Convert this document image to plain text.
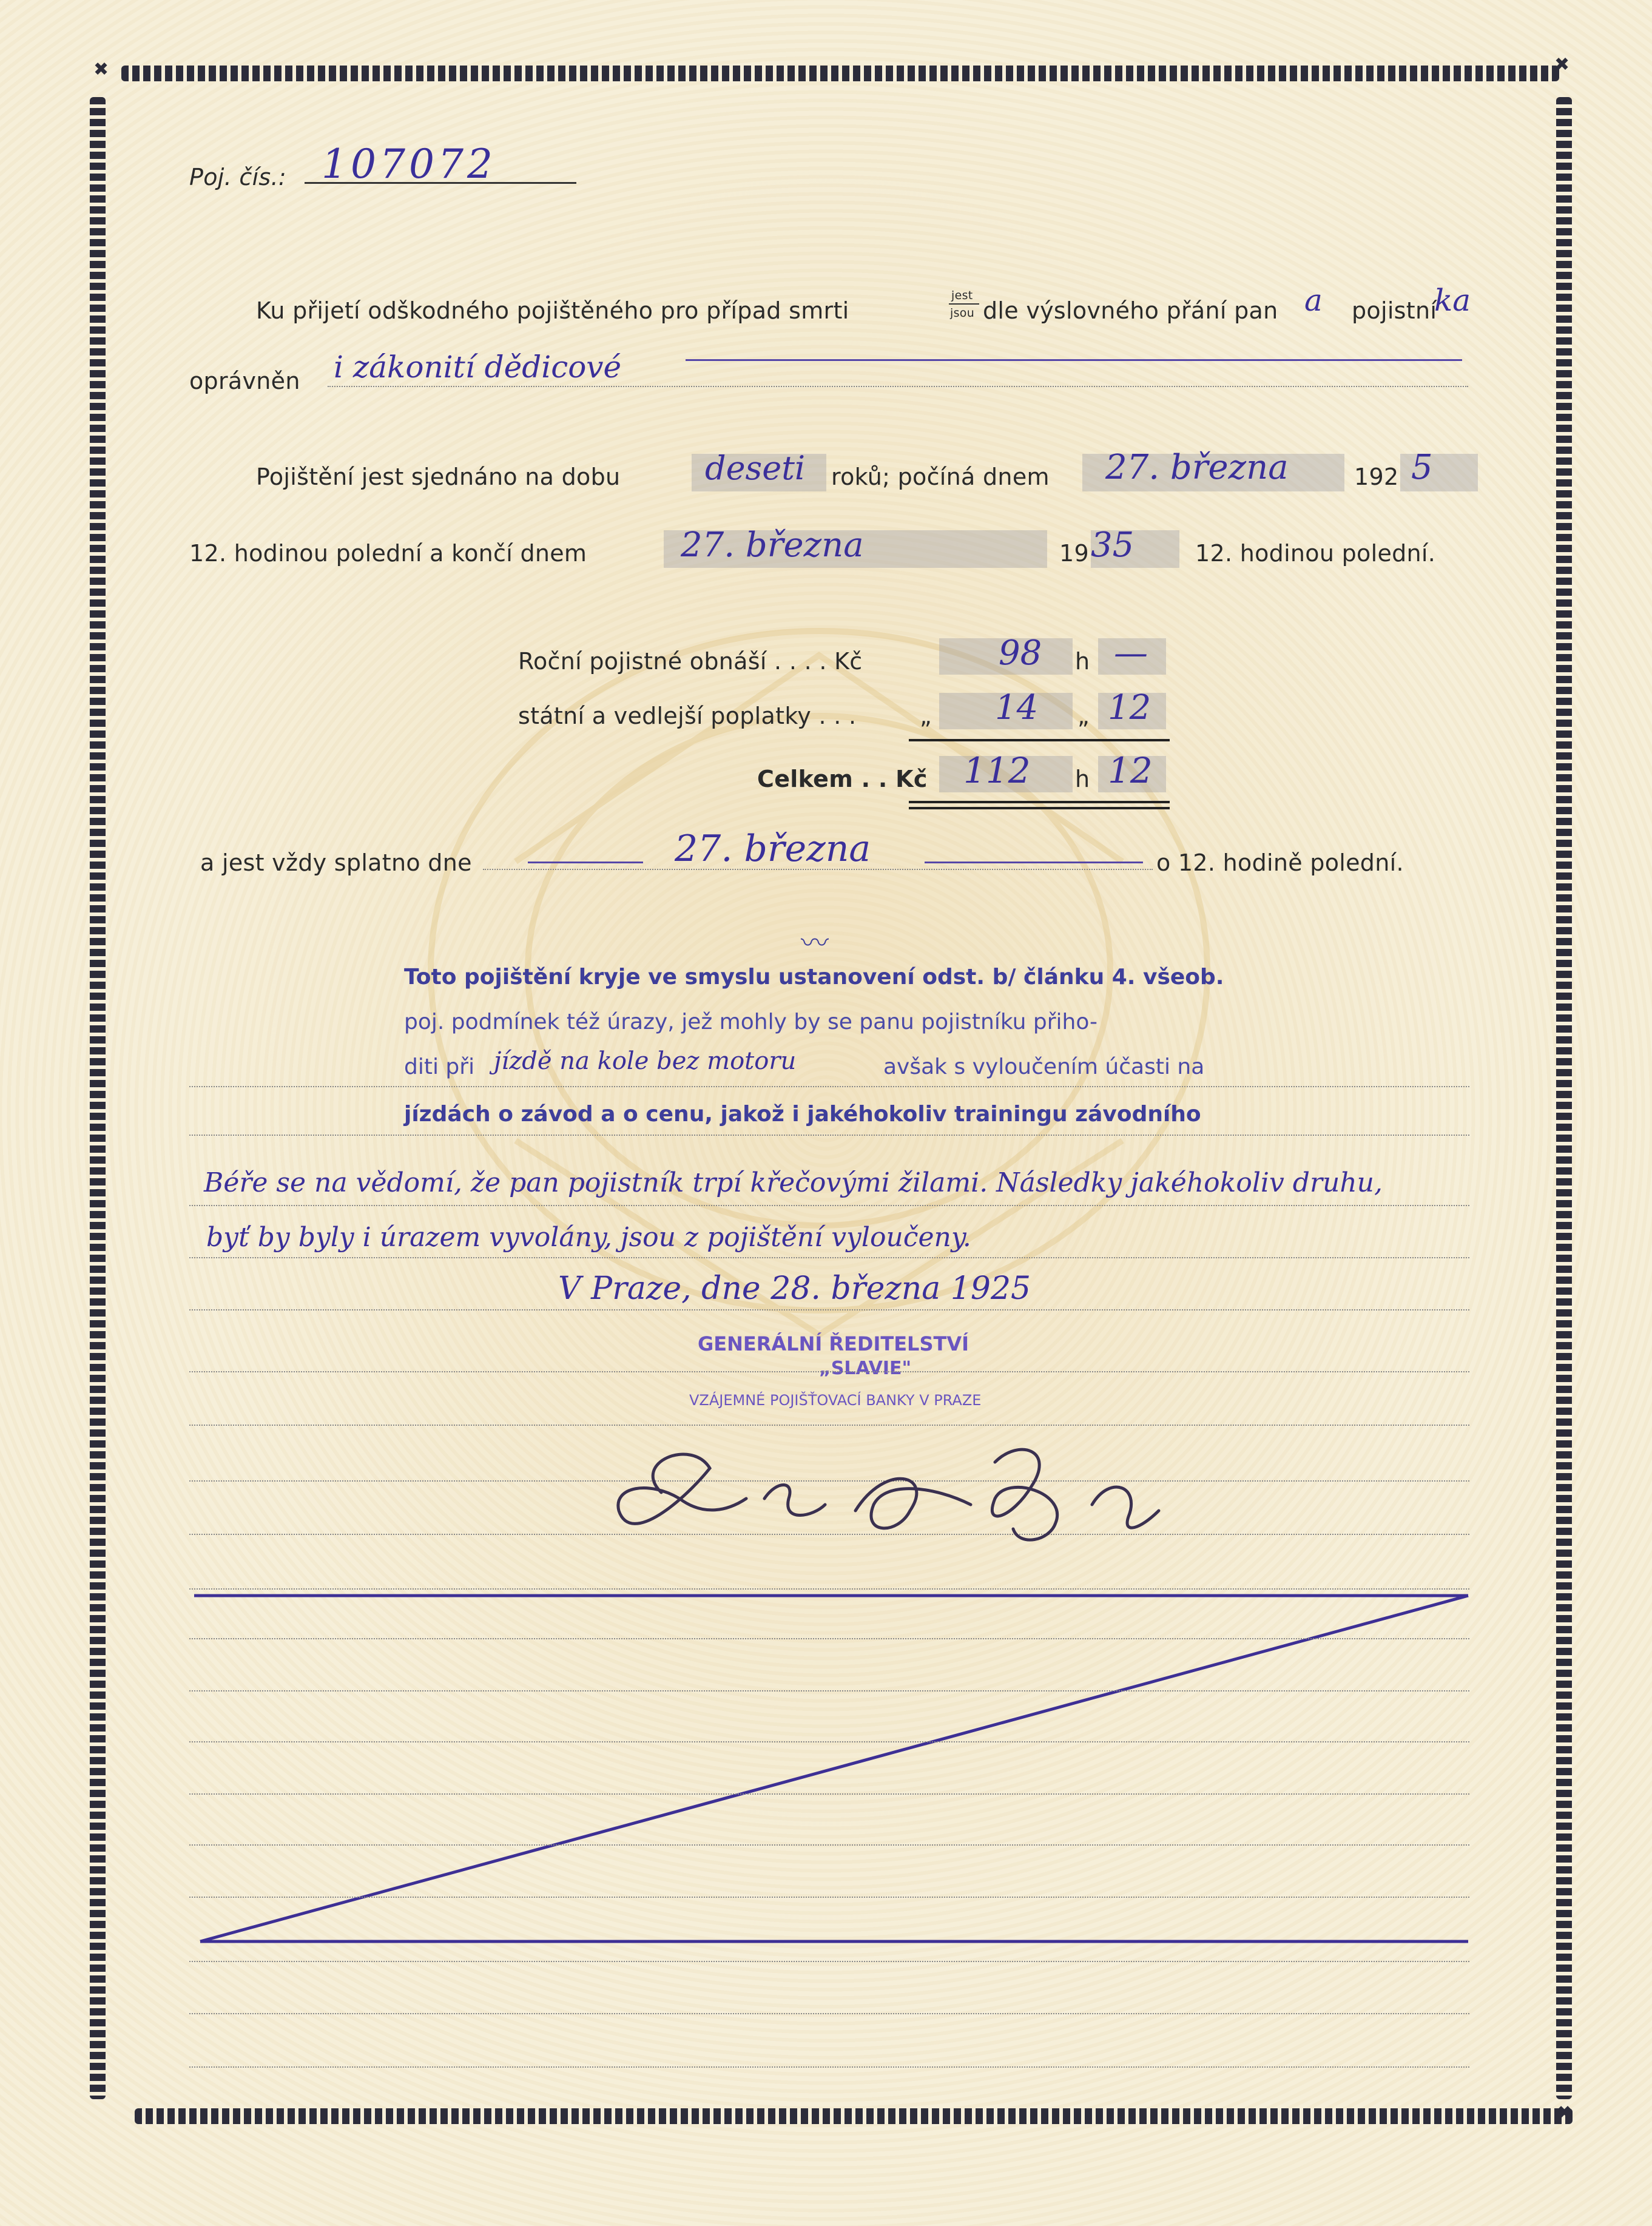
✖	✖
✖
Poj. čís.: 107072
Ku přijetí odškodného pojištěného pro případ smrti
jest
jsou dle výslovného přání pan a pojistní
ka
oprávněn i zákonití dědicové
Pojištění jest sjednáno na dobu	deseti roků; počíná dnem 27. března	192 5
12. hodinou polední a končí dnem	27. března	19 35	12. hodinou polední.
Roční pojistné obnáší . . . . Kč	98 h —
státní a vedlejší poplatky . . .	„ 14 „ 12
Celkem . . Kč 112 h 12
a jest vždy splatno dne	27. března	o 12. hodině polední.
〰
Toto pojištění kryje ve smyslu ustanovení odst. b/ článku 4. všeob.
poj. podmínek též úrazy, jež mohly by se panu pojistníku přiho-
diti při jízdě na kole bez motoru	avšak s vyloučením účasti na
jízdách o závod a o cenu, jakož i jakéhokoliv trainingu závodního
Béře se na vědomí, že pan pojistník trpí křečovými žilami. Následky jakéhokoliv druhu,
byť by byly i úrazem vyvolány, jsou z pojištění vyloučeny.
V Praze, dne 28. března 1925
GENERÁLNÍ ŘEDITELSTVÍ
„SLAVIE"
VZÁJEMNÉ POJIŠŤOVACÍ BANKY V PRAZE
